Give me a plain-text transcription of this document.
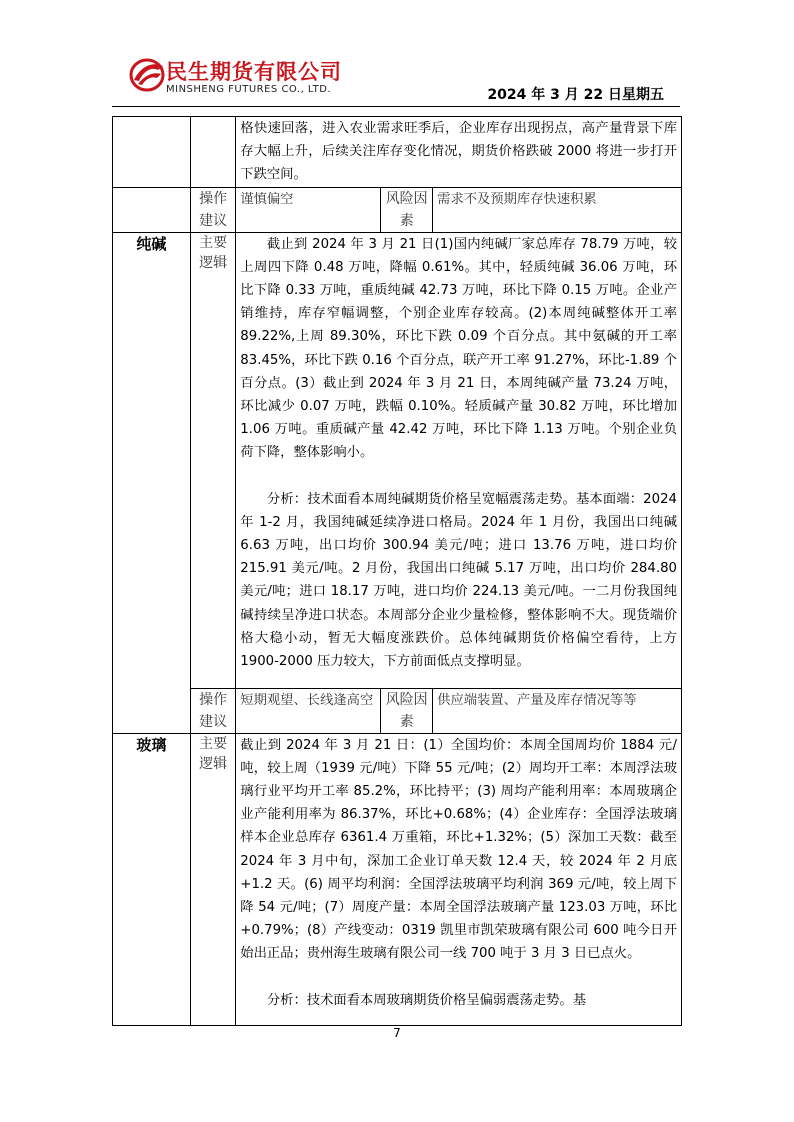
民生期货有限公司
MINSHENG FUTURES CO., LTD.	2024 年 3 月 22 日星期五
		格快速回落，进入农业需求旺季后，企业库存出现拐点，高产量背景下库存大幅上升，后续关注库存变化情况，期货价格跌破 2000 将进一步打开下跌空间。		
	操作建议	谨慎偏空	风险因素	需求不及预期库存快速积累
纯碱	主要逻辑	截止到 2024 年 3 月 21 日(1)国内纯碱厂家总库存 78.79 万吨，较上周四下降 0.48 万吨，降幅 0.61%。其中，轻质纯碱 36.06 万吨，环比下降 0.33 万吨，重质纯碱 42.73 万吨，环比下降 0.15 万吨。企业产销维持，库存窄幅调整，个别企业库存较高。(2)本周纯碱整体开工率 89.22%,上周 89.30%，环比下跌 0.09 个百分点。其中氨碱的开工率 83.45%，环比下跌 0.16 个百分点，联产开工率 91.27%，环比-1.89 个百分点。(3）截止到 2024 年 3 月 21 日，本周纯碱产量 73.24 万吨，环比减少 0.07 万吨，跌幅 0.10%。轻质碱产量 30.82 万吨，环比增加 1.06 万吨。重质碱产量 42.42 万吨，环比下降 1.13 万吨。个别企业负荷下降，整体影响小。

分析：技术面看本周纯碱期货价格呈宽幅震荡走势。基本面端：2024 年 1-2 月，我国纯碱延续净进口格局。2024 年 1 月份，我国出口纯碱 6.63 万吨，出口均价 300.94 美元/吨；进口 13.76 万吨，进口均价 215.91 美元/吨。2 月份，我国出口纯碱 5.17 万吨，出口均价 284.80 美元/吨；进口 18.17 万吨，进口均价 224.13 美元/吨。一二月份我国纯碱持续呈净进口状态。本周部分企业少量检修，整体影响不大。现货端价格大稳小动，暂无大幅度涨跌价。总体纯碱期货价格偏空看待，上方 1900-2000 压力较大，下方前面低点支撑明显。		

	操作建议	短期观望、长线逢高空	风险因素	供应端装置、产量及库存情况等等
玻璃	主要逻辑	截止到 2024 年 3 月 21 日：(1）全国均价：本周全国周均价 1884 元/吨，较上周（1939 元/吨）下降 55 元/吨；(2）周均开工率：本周浮法玻璃行业平均开工率 85.2%，环比持平；(3) 周均产能利用率：本周玻璃企业产能利用率为 86.37%，环比+0.68%；(4）企业库存：全国浮法玻璃样本企业总库存 6361.4 万重箱，环比+1.32%；(5）深加工天数：截至 2024 年 3 月中旬，深加工企业订单天数 12.4 天，较 2024 年 2 月底+1.2 天。(6) 周平均利润：全国浮法玻璃平均利润 369 元/吨，较上周下降 54 元/吨；(7）周度产量：本周全国浮法玻璃产量 123.03 万吨，环比+0.79%；(8）产线变动：0319 凯里市凯荣玻璃有限公司 600 吨今日开始出正品；贵州海生玻璃有限公司一线 700 吨于 3 月 3 日已点火。

分析：技术面看本周玻璃期货价格呈偏弱震荡走势。基		

7
